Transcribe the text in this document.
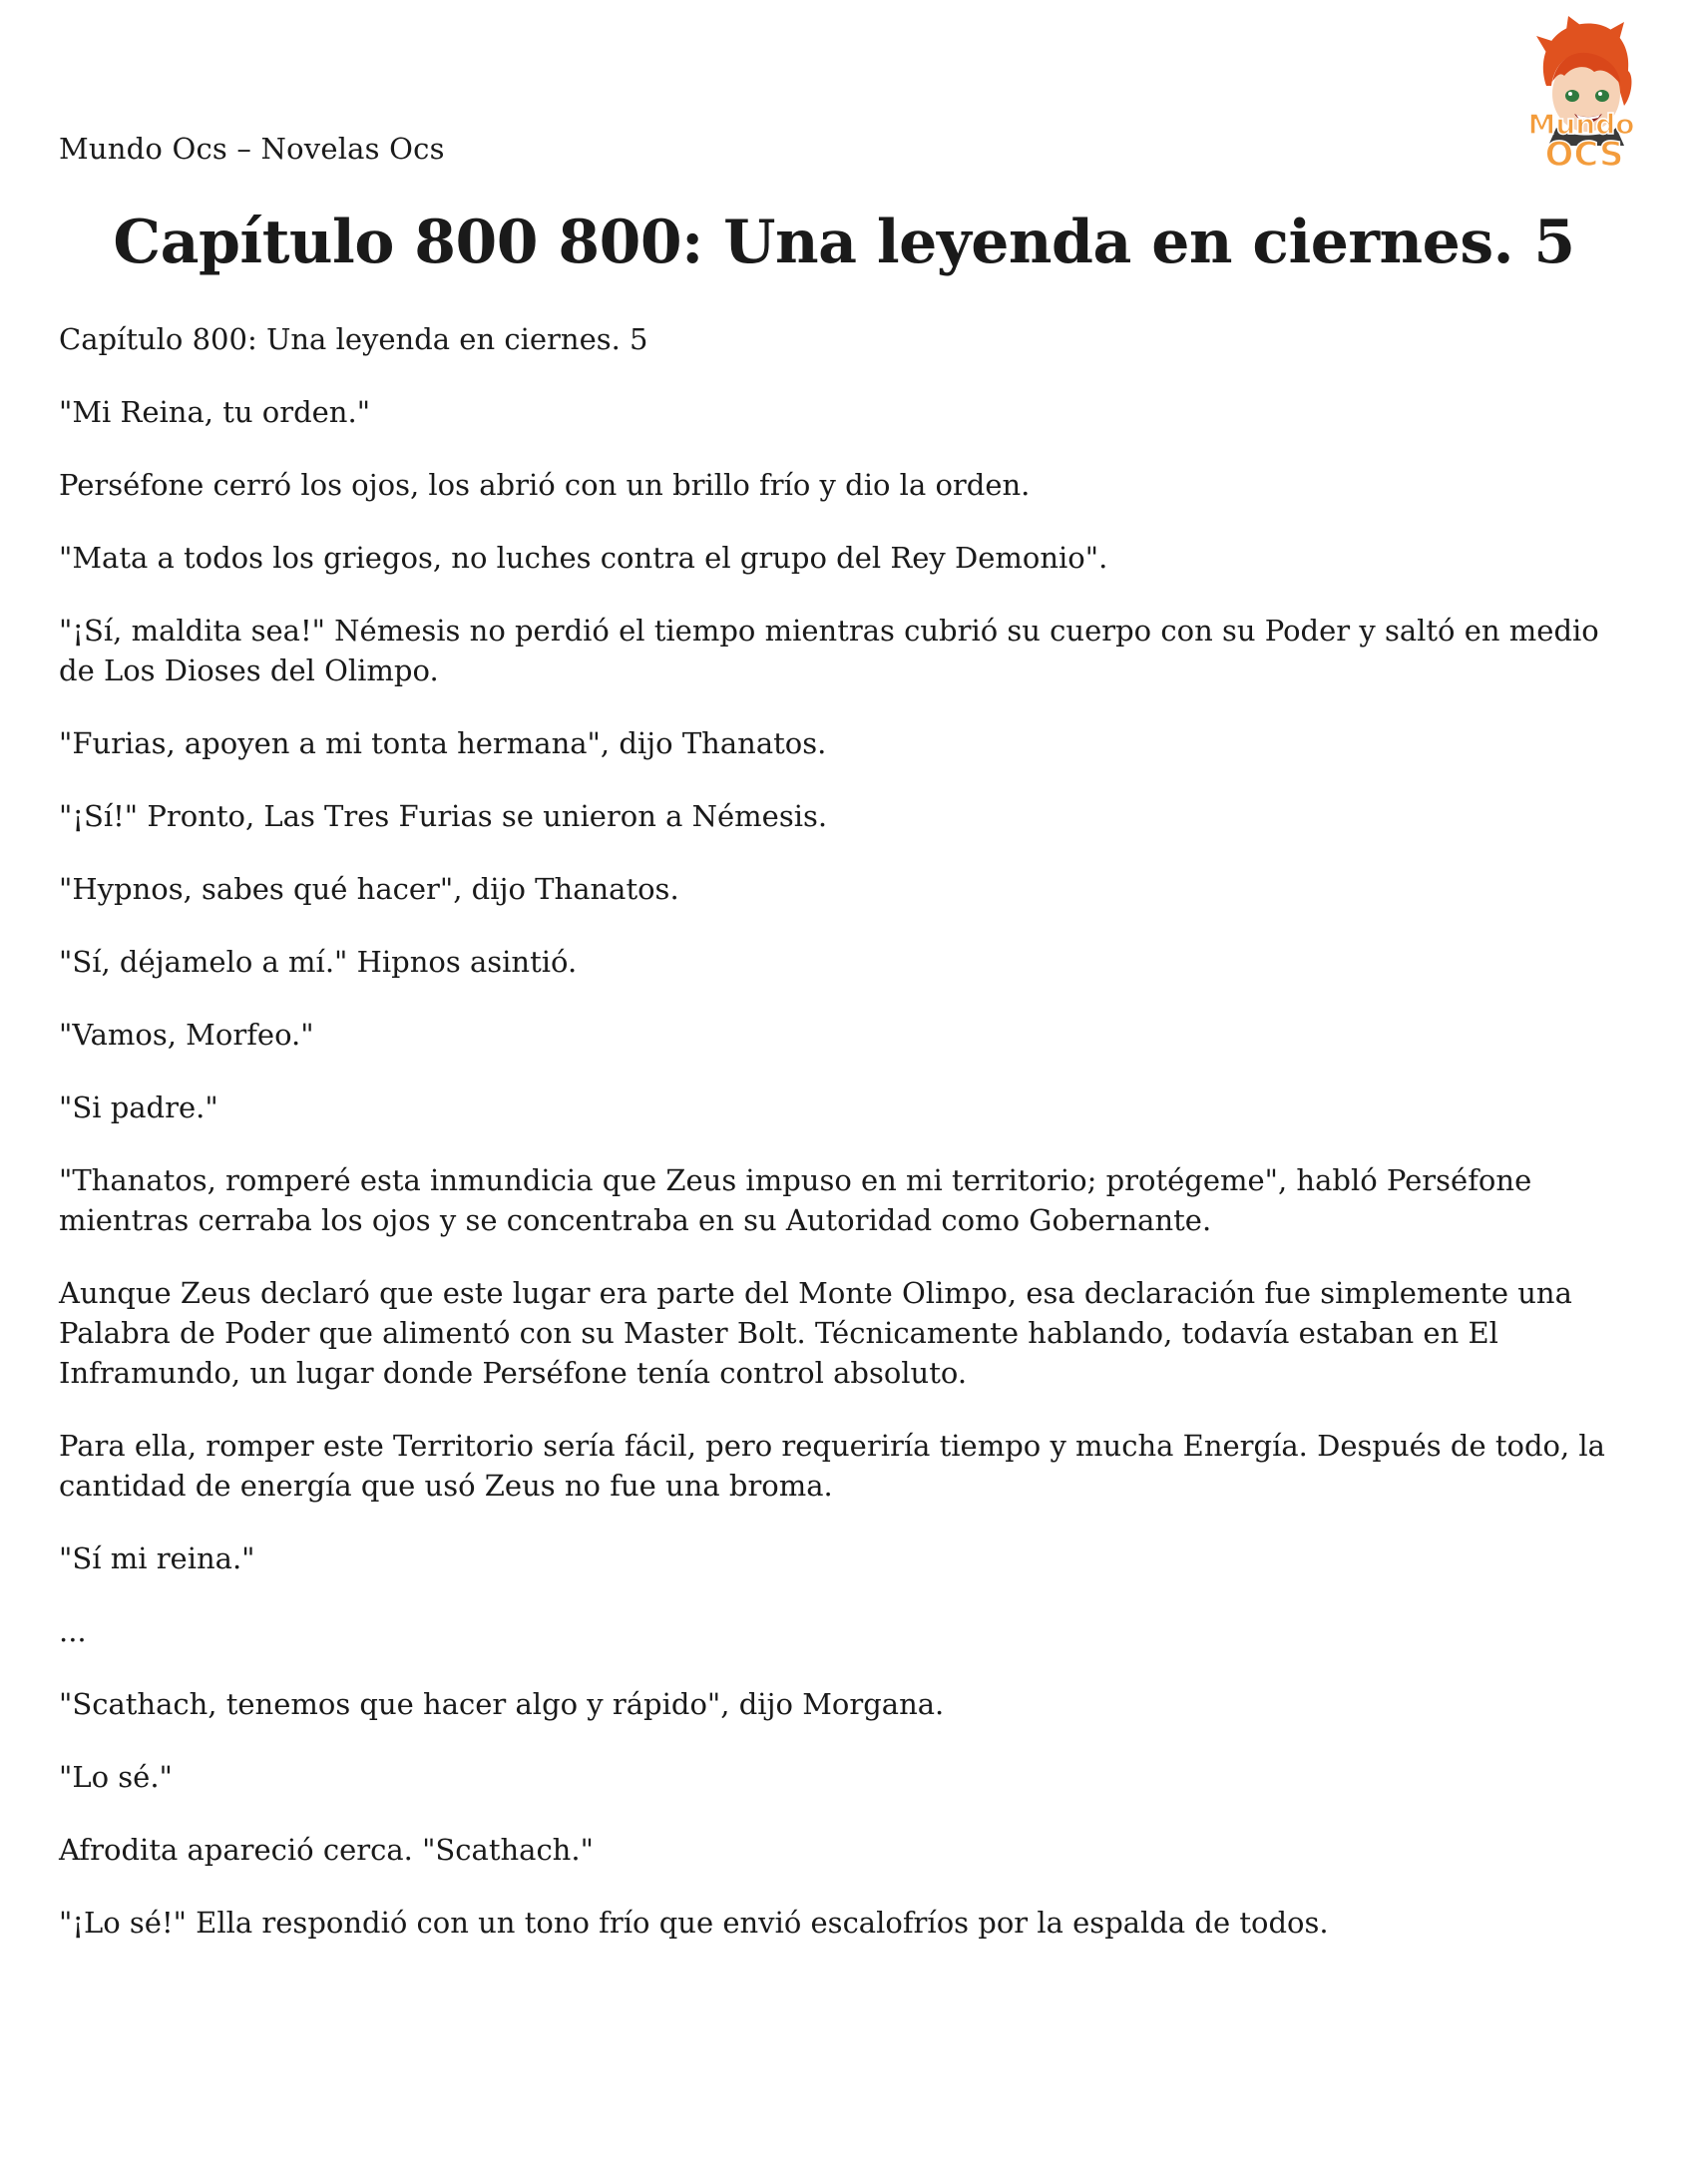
Mundo Ocs – Novelas Ocs
Mundo
OCS
Capítulo 800 800: Una leyenda en ciernes. 5

Capítulo 800: Una leyenda en ciernes. 5

"Mi Reina, tu orden."

Perséfone cerró los ojos, los abrió con un brillo frío y dio la orden.

"Mata a todos los griegos, no luches contra el grupo del Rey Demonio".

"¡Sí, maldita sea!" Némesis no perdió el tiempo mientras cubrió su cuerpo con su Poder y saltó en medio de Los Dioses del Olimpo.

"Furias, apoyen a mi tonta hermana", dijo Thanatos.

"¡Sí!" Pronto, Las Tres Furias se unieron a Némesis.

"Hypnos, sabes qué hacer", dijo Thanatos.

"Sí, déjamelo a mí." Hipnos asintió.

"Vamos, Morfeo."

"Si padre."

"Thanatos, romperé esta inmundicia que Zeus impuso en mi territorio; protégeme", habló Perséfone mientras cerraba los ojos y se concentraba en su Autoridad como Gobernante.

Aunque Zeus declaró que este lugar era parte del Monte Olimpo, esa declaración fue simplemente una Palabra de Poder que alimentó con su Master Bolt. Técnicamente hablando, todavía estaban en El Inframundo, un lugar donde Perséfone tenía control absoluto.

Para ella, romper este Territorio sería fácil, pero requeriría tiempo y mucha Energía. Después de todo, la cantidad de energía que usó Zeus no fue una broma.

"Sí mi reina."

...

"Scathach, tenemos que hacer algo y rápido", dijo Morgana.

"Lo sé."

Afrodita apareció cerca. "Scathach."

"¡Lo sé!" Ella respondió con un tono frío que envió escalofríos por la espalda de todos.
